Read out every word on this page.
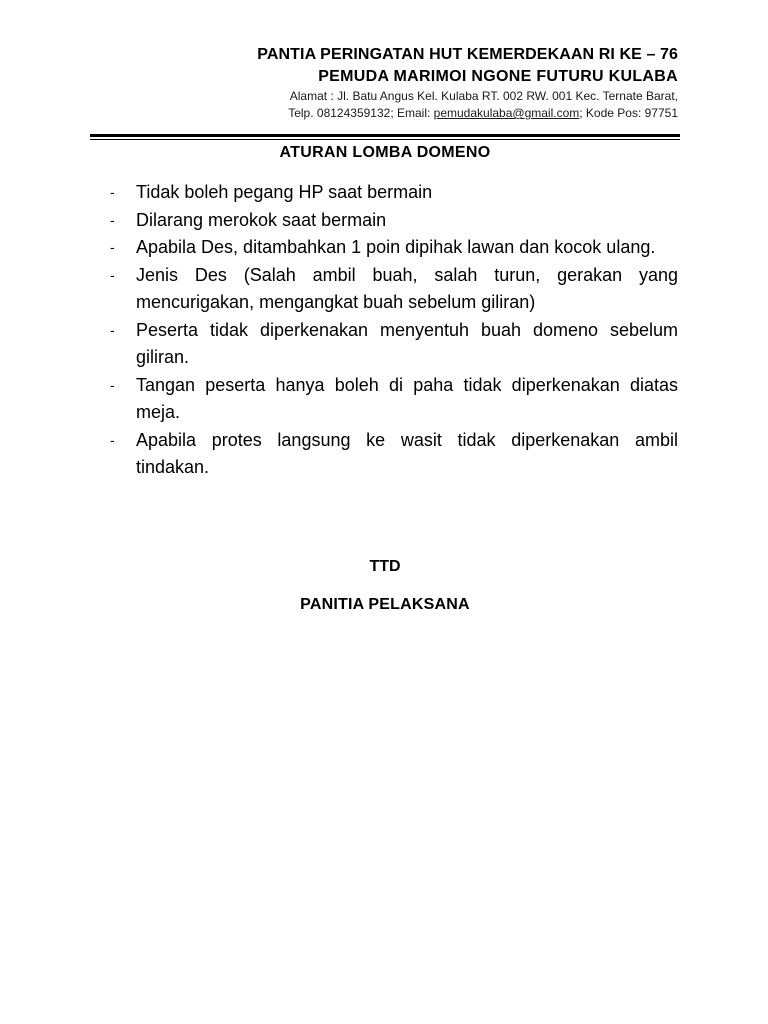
PANTIA PERINGATAN HUT KEMERDEKAAN RI KE – 76
PEMUDA MARIMOI NGONE FUTURU KULABA
Alamat : Jl. Batu Angus Kel. Kulaba RT. 002 RW. 001 Kec. Ternate Barat,
Telp. 08124359132; Email: pemudakulaba@gmail.com; Kode Pos: 97751
ATURAN LOMBA DOMENO
-	Tidak boleh pegang HP saat bermain
-	Dilarang merokok saat bermain
-	Apabila Des, ditambahkan 1 poin dipihak lawan dan kocok ulang.
-	Jenis Des (Salah ambil buah, salah turun, gerakan yang mencurigakan, mengangkat buah sebelum giliran)
-	Peserta tidak diperkenakan menyentuh buah domeno sebelum giliran.
-	Tangan peserta hanya boleh di paha tidak diperkenakan diatas meja.
-	Apabila protes langsung ke wasit tidak diperkenakan ambil tindakan.
TTD
PANITIA PELAKSANA
